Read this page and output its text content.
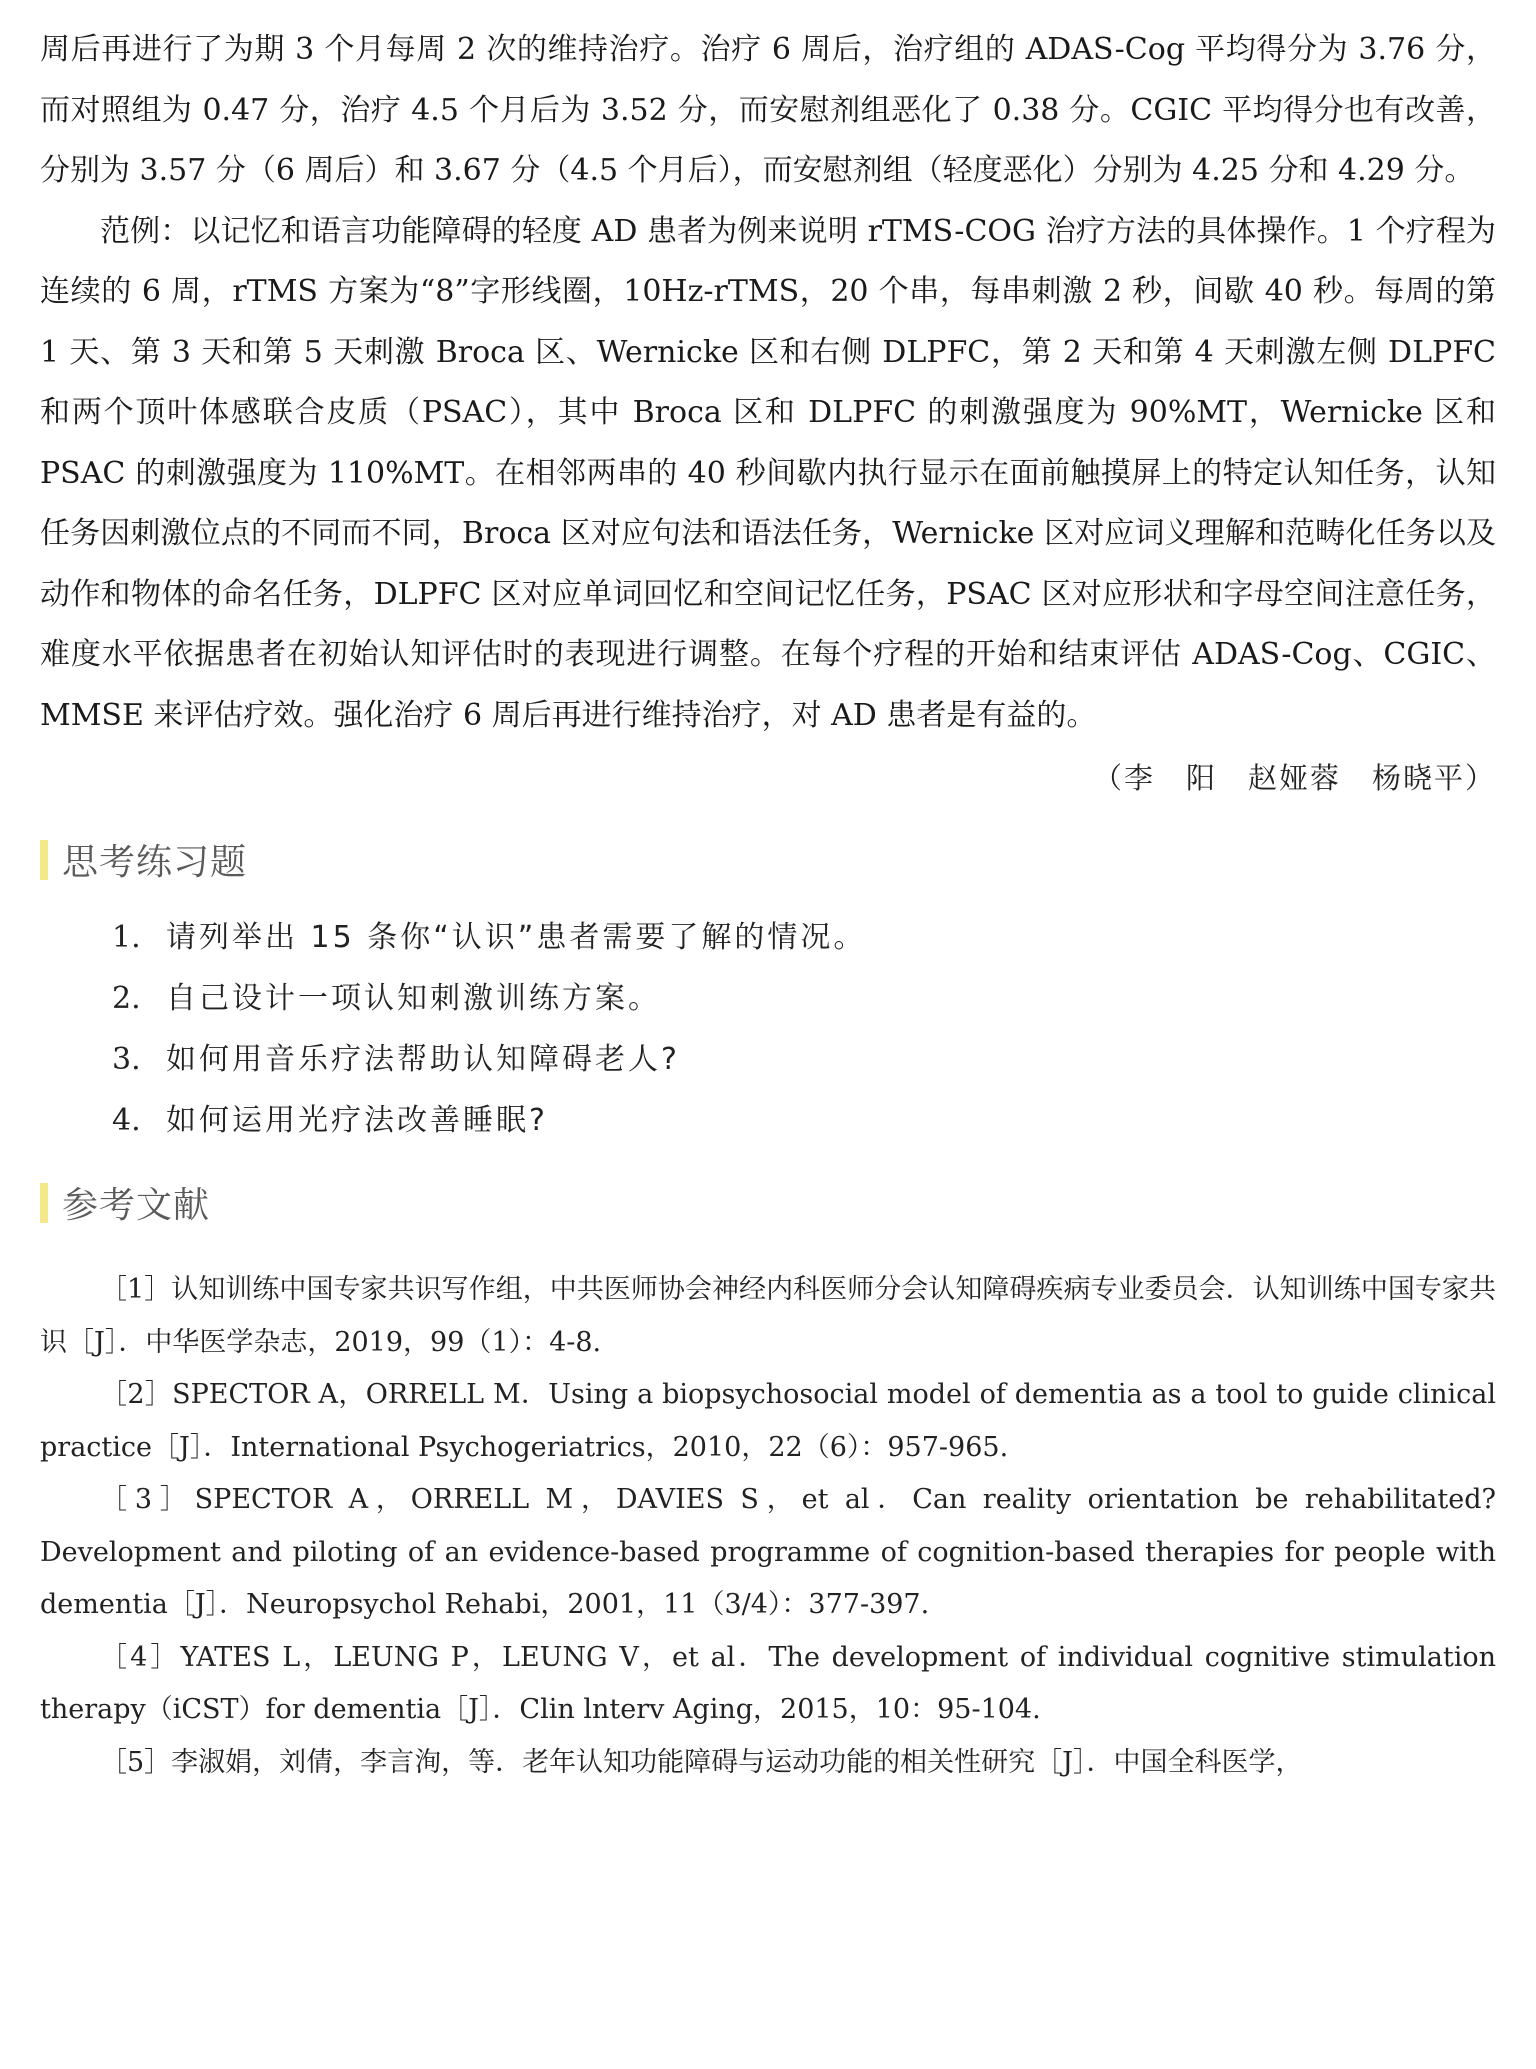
周后再进行了为期 3 个月每周 2 次的维持治疗。治疗 6 周后，治疗组的 ADAS-Cog 平均得分为 3.76 分，而对照组为 0.47 分，治疗 4.5 个月后为 3.52 分，而安慰剂组恶化了 0.38 分。CGIC 平均得分也有改善，分别为 3.57 分（6 周后）和 3.67 分（4.5 个月后），而安慰剂组（轻度恶化）分别为 4.25 分和 4.29 分。

范例：以记忆和语言功能障碍的轻度 AD 患者为例来说明 rTMS-COG 治疗方法的具体操作。1 个疗程为连续的 6 周，rTMS 方案为“8”字形线圈，10Hz-rTMS，20 个串，每串刺激 2 秒，间歇 40 秒。每周的第 1 天、第 3 天和第 5 天刺激 Broca 区、Wernicke 区和右侧 DLPFC，第 2 天和第 4 天刺激左侧 DLPFC 和两个顶叶体感联合皮质（PSAC），其中 Broca 区和 DLPFC 的刺激强度为 90%MT，Wernicke 区和 PSAC 的刺激强度为 110%MT。在相邻两串的 40 秒间歇内执行显示在面前触摸屏上的特定认知任务，认知任务因刺激位点的不同而不同，Broca 区对应句法和语法任务，Wernicke 区对应词义理解和范畴化任务以及动作和物体的命名任务，DLPFC 区对应单词回忆和空间记忆任务，PSAC 区对应形状和字母空间注意任务，难度水平依据患者在初始认知评估时的表现进行调整。在每个疗程的开始和结束评估 ADAS-Cog、CGIC、MMSE 来评估疗效。强化治疗 6 周后再进行维持治疗，对 AD 患者是有益的。

（李　阳　赵娅蓉　杨晓平）
思考练习题
1. 请列举出 15 条你“认识”患者需要了解的情况。
2. 自己设计一项认知刺激训练方案。
3. 如何用音乐疗法帮助认知障碍老人?
4. 如何运用光疗法改善睡眠?
参考文献

［1］认知训练中国专家共识写作组，中共医师协会神经内科医师分会认知障碍疾病专业委员会．认知训练中国专家共识［J］．中华医学杂志，2019，99（1）：4-8.

［2］SPECTOR A，ORRELL M．Using a biopsychosocial model of dementia as a tool to guide clinical practice［J］．International Psychogeriatrics，2010，22（6）：957-965.

［3］SPECTOR A，ORRELL M，DAVIES S，et al．Can reality orientation be rehabilitated? Development and piloting of an evidence-based programme of cognition-based therapies for people with dementia［J］．Neuropsychol Rehabi，2001，11（3/4）：377-397.

［4］YATES L，LEUNG P，LEUNG V，et al．The development of individual cognitive stimulation therapy（iCST）for dementia［J］．Clin lnterv Aging，2015，10：95-104.

［5］李淑娟，刘倩，李言洵，等．老年认知功能障碍与运动功能的相关性研究［J］．中国全科医学，
